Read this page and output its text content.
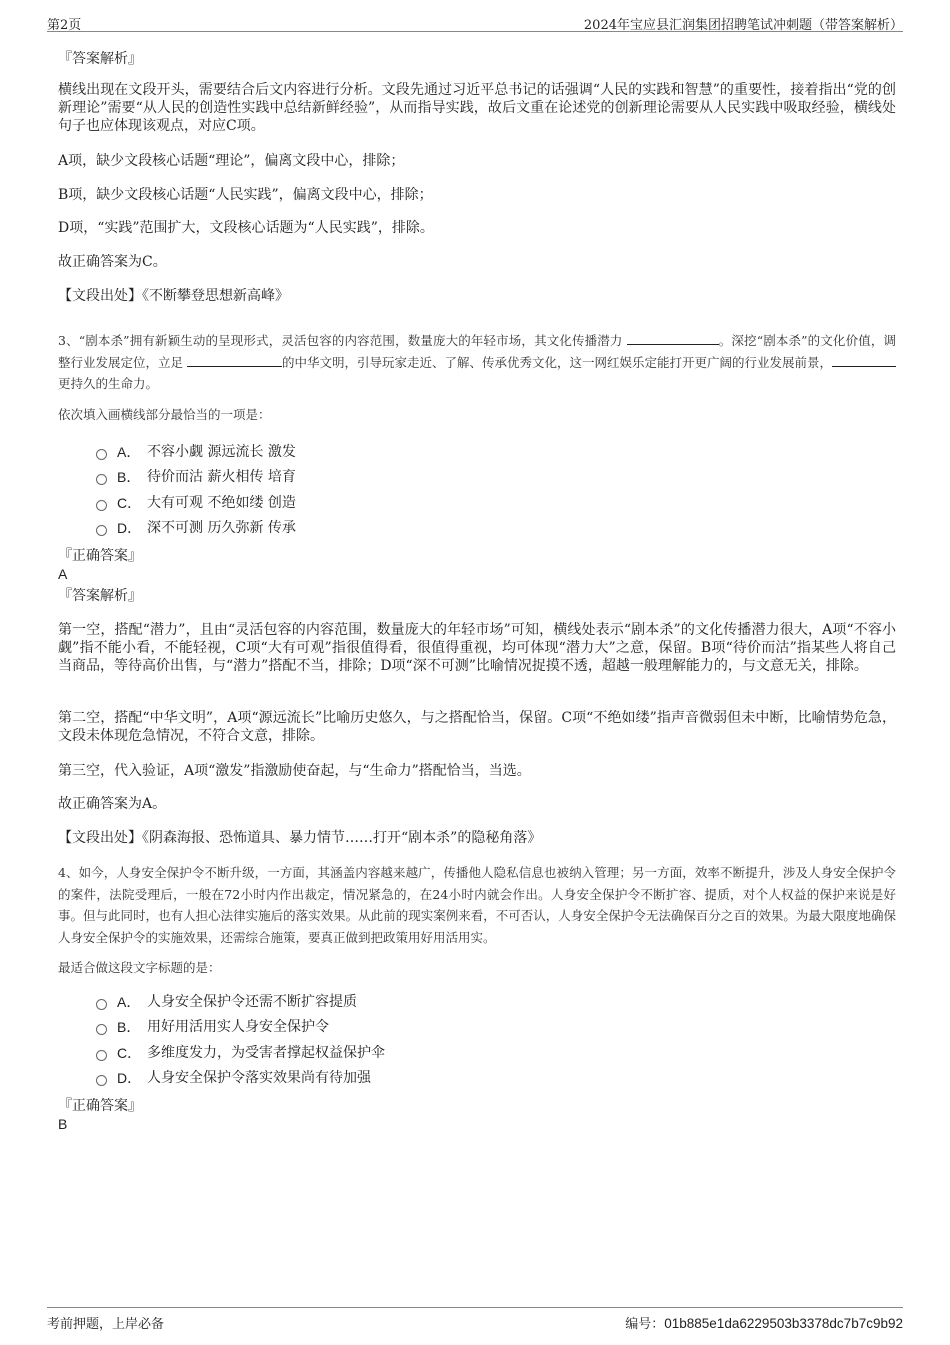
第2页	2024年宝应县汇润集团招聘笔试冲刺题（带答案解析）
『答案解析』

横线出现在文段开头，需要结合后文内容进行分析。文段先通过习近平总书记的话强调“人民的实践和智慧”的重要性，接着指出“党的创新理论”需要“从人民的创造性实践中总结新鲜经验”，从而指导实践，故后文重在论述党的创新理论需要从人民实践中吸取经验，横线处句子也应体现该观点，对应C项。

A项，缺少文段核心话题“理论”，偏离文段中心，排除；

B项，缺少文段核心话题“人民实践”，偏离文段中心，排除；

D项，“实践”范围扩大，文段核心话题为“人民实践”，排除。

故正确答案为C。

【文段出处】《不断攀登思想新高峰》

3、“剧本杀”拥有新颖生动的呈现形式，灵活包容的内容范围，数量庞大的年轻市场，其文化传播潜力	。深挖“剧本杀”的文化价值，调整行业发展定位，立足	的中华文明，引导玩家走近、了解、传承优秀文化，这一网红娱乐定能打开更广阔的行业发展前景，更持久的生命力。

依次填入画横线部分最恰当的一项是：

A． 不容小觑 源远流长 激发
B． 待价而沽 薪火相传 培育
C． 大有可观 不绝如缕 创造
D． 深不可测 历久弥新 传承
『正确答案』
A
『答案解析』

第一空，搭配“潜力”，且由“灵活包容的内容范围，数量庞大的年轻市场”可知，横线处表示“剧本杀”的文化传播潜力很大，A项“不容小觑”指不能小看，不能轻视，C项“大有可观”指很值得看，很值得重视，均可体现“潜力大”之意，保留。B项“待价而沽”指某些人将自己当商品，等待高价出售，与“潜力”搭配不当，排除；D项“深不可测”比喻情况捉摸不透，超越一般理解能力的，与文意无关，排除。

第二空，搭配“中华文明”，A项“源远流长”比喻历史悠久，与之搭配恰当，保留。C项“不绝如缕”指声音微弱但未中断，比喻情势危急，文段未体现危急情况，不符合文意，排除。

第三空，代入验证，A项“激发”指激励使奋起，与“生命力”搭配恰当，当选。

故正确答案为A。

【文段出处】《阴森海报、恐怖道具、暴力情节……打开“剧本杀”的隐秘角落》

4、如今，人身安全保护令不断升级，一方面，其涵盖内容越来越广，传播他人隐私信息也被纳入管理；另一方面，效率不断提升，涉及人身安全保护令的案件，法院受理后，一般在72小时内作出裁定，情况紧急的，在24小时内就会作出。人身安全保护令不断扩容、提质，对个人权益的保护来说是好事。但与此同时，也有人担心法律实施后的落实效果。从此前的现实案例来看，不可否认，人身安全保护令无法确保百分之百的效果。为最大限度地确保人身安全保护令的实施效果，还需综合施策，要真正做到把政策用好用活用实。

最适合做这段文字标题的是：

A． 人身安全保护令还需不断扩容提质
B． 用好用活用实人身安全保护令
C． 多维度发力，为受害者撑起权益保护伞
D． 人身安全保护令落实效果尚有待加强
『正确答案』
B
考前押题，上岸必备	编号：01b885e1da6229503b3378dc7b7c9b92
